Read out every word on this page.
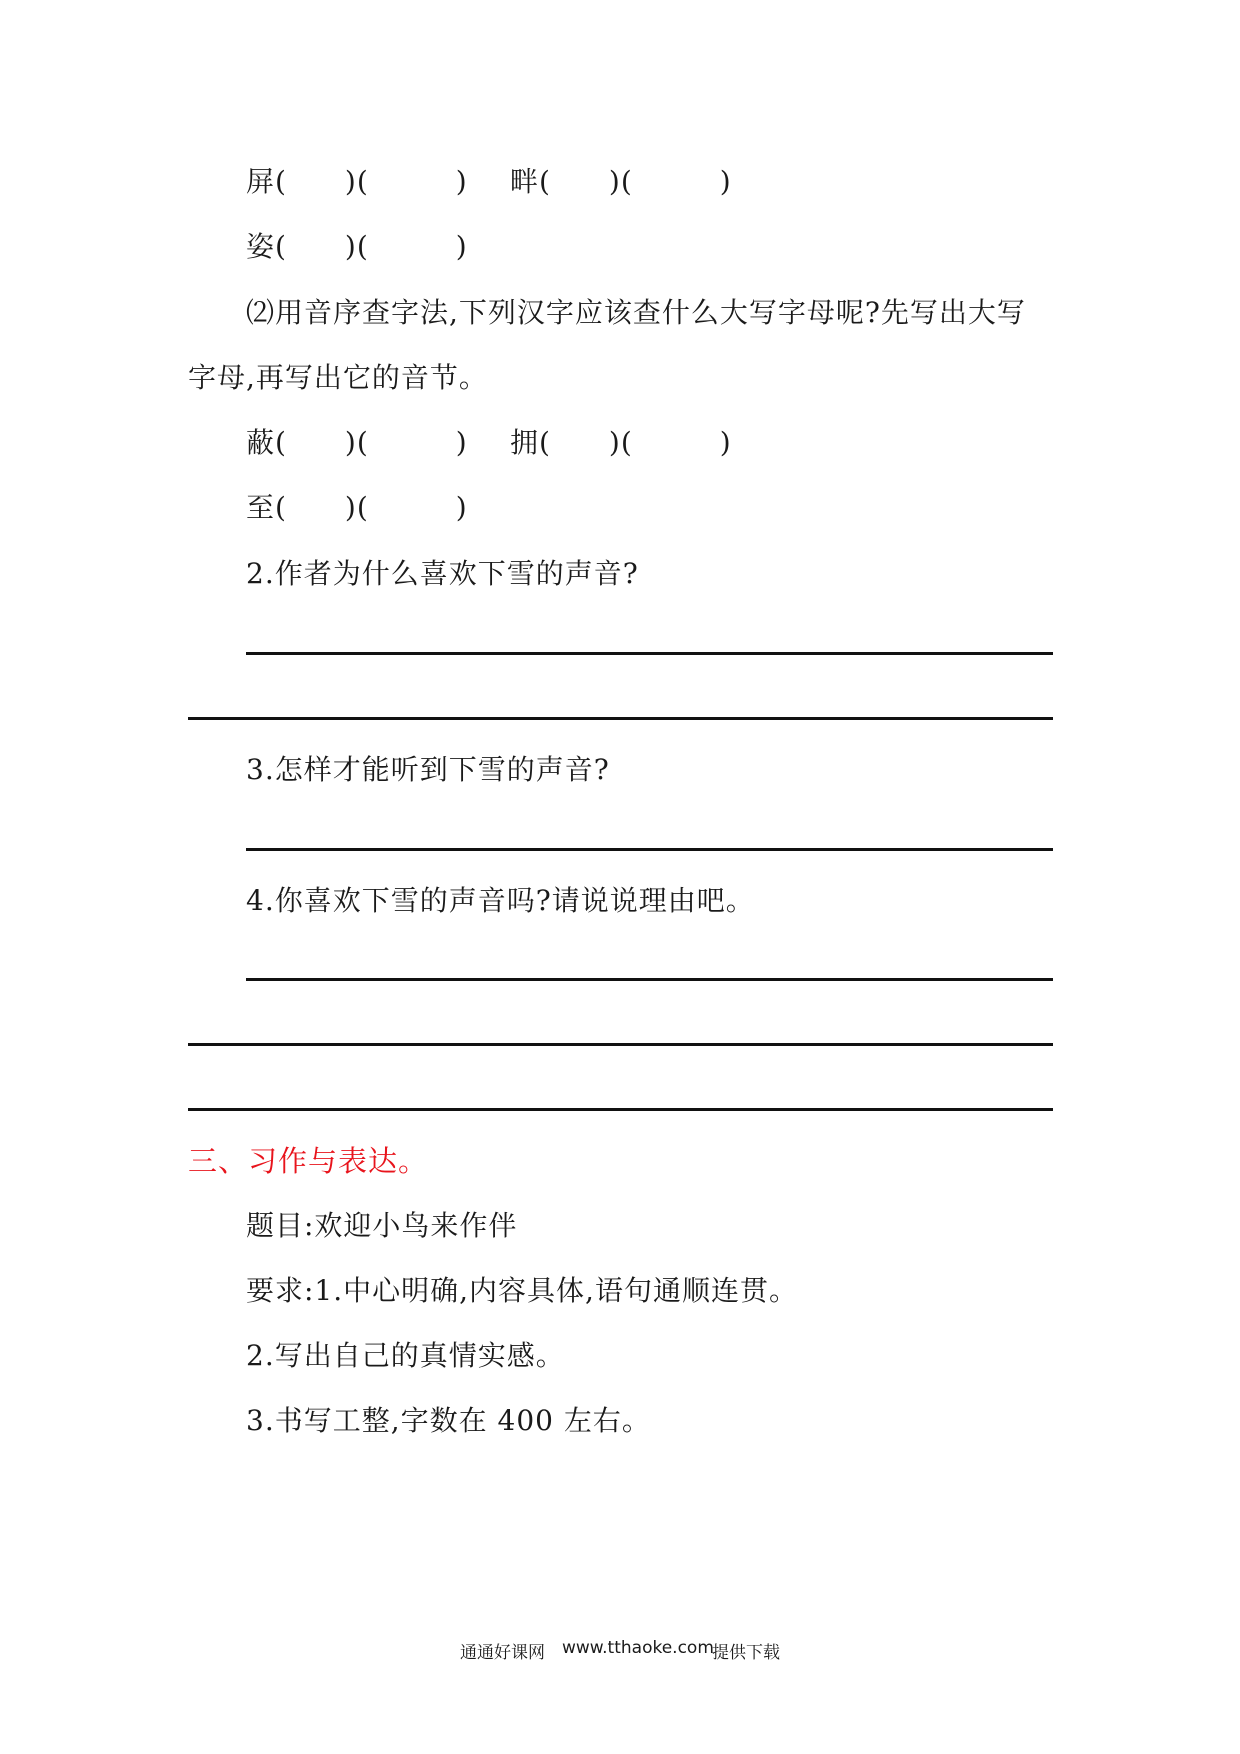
屏(　　)(　　　) 畔(　　)(　　　)
姿(　　)(　　　)
⑵用音序查字法,下列汉字应该查什么大写字母呢?先写出大写
字母,再写出它的音节。
蔽(　　)(　　　) 拥(　　)(　　　)
至(　　)(　　　)
2.作者为什么喜欢下雪的声音?
3.怎样才能听到下雪的声音?
4.你喜欢下雪的声音吗?请说说理由吧。
三、习作与表达。
题目:欢迎小鸟来作伴
要求:1.中心明确,内容具体,语句通顺连贯。
2.写出自己的真情实感。
3.书写工整,字数在 400 左右。
通通好课网 www.tthaoke.com
提供下载
